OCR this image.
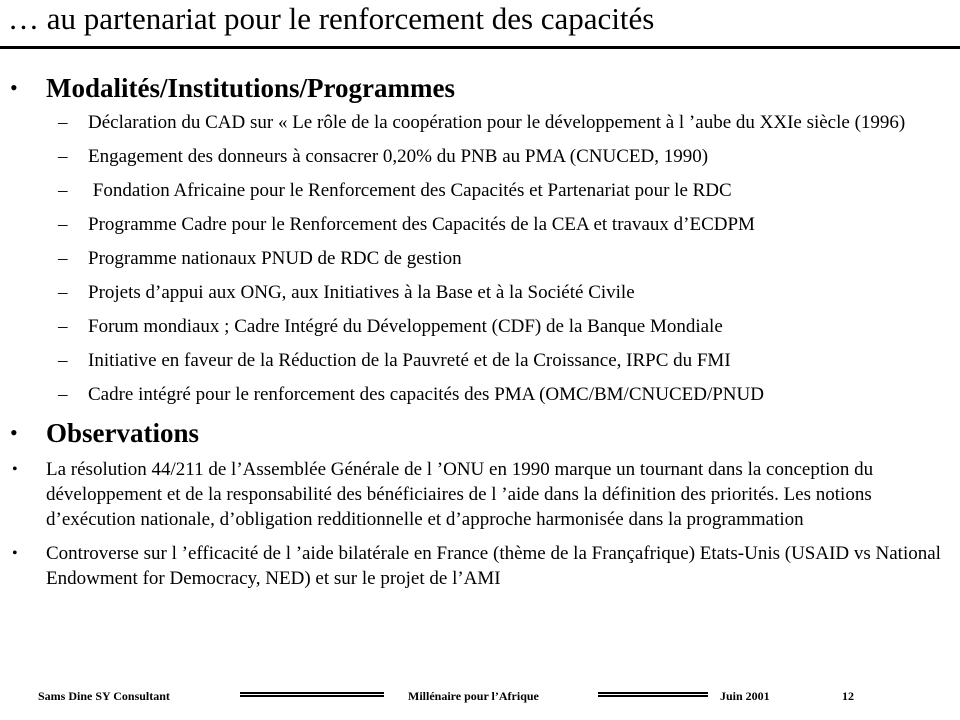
… au partenariat pour le renforcement des capacités
• Modalités/Institutions/Programmes
– Déclaration du CAD sur « Le rôle de la coopération pour le développement à l ’aube du XXIe siècle (1996)
– Engagement des donneurs à consacrer 0,20% du PNB au PMA (CNUCED, 1990)
– Fondation Africaine pour le Renforcement des Capacités et Partenariat pour le RDC
– Programme Cadre pour le Renforcement des Capacités de la CEA et travaux d’ECDPM
– Programme nationaux PNUD de RDC de gestion
– Projets d’appui aux ONG, aux Initiatives à la Base et à la Société Civile
– Forum mondiaux ; Cadre Intégré du Développement (CDF) de la Banque Mondiale
– Initiative en faveur de la Réduction de la Pauvreté et de la Croissance, IRPC du FMI
– Cadre intégré pour le renforcement des capacités des PMA (OMC/BM/CNUCED/PNUD
• Observations
• La résolution 44/211 de l’Assemblée Générale de l ’ONU en 1990 marque un tournant dans la conception du développement et de la responsabilité des bénéficiaires de l ’aide dans la définition des priorités. Les notions d’exécution nationale, d’obligation redditionnelle et d’approche harmonisée dans la programmation
• Controverse sur l ’efficacité de l ’aide bilatérale en France (thème de la Françafrique) Etats-Unis (USAID vs National Endowment for Democracy, NED) et sur le projet de l’AMI
Sams Dine SY Consultant	Millénaire pour l’Afrique	Juin 2001	12
